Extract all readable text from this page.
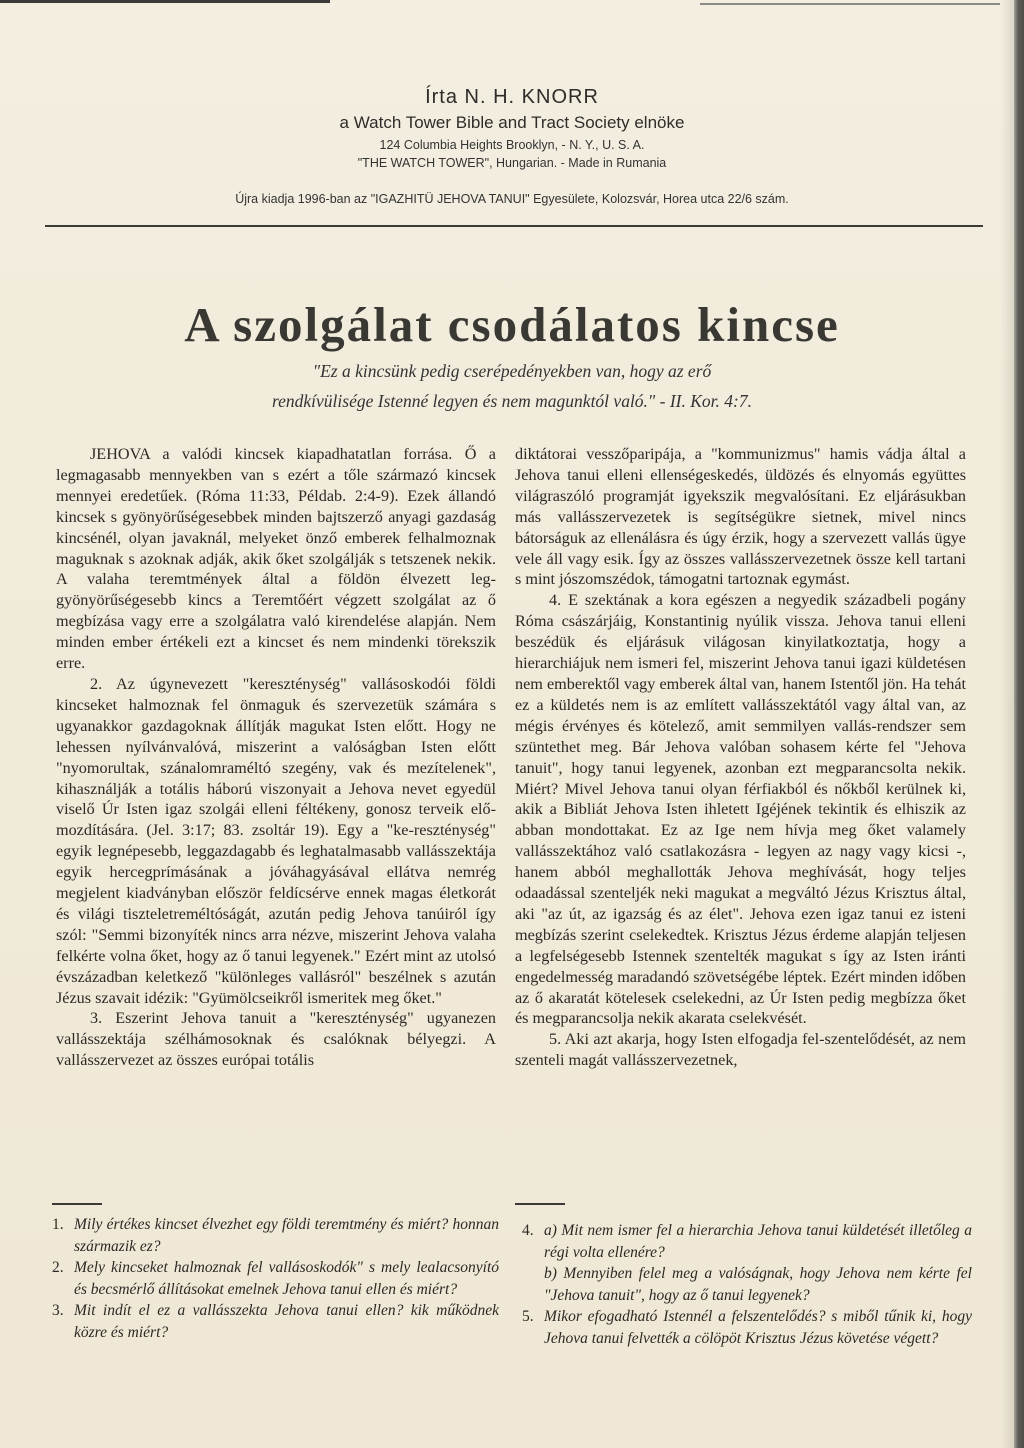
Írta N. H. KNORR
a Watch Tower Bible and Tract Society elnöke
124 Columbia Heights Brooklyn, - N. Y., U. S. A.
"THE WATCH TOWER", Hungarian. - Made in Rumania
Újra kiadja 1996-ban az "IGAZHITÜ JEHOVA TANUI" Egyesülete, Kolozsvár, Horea utca 22/6 szám.
A szolgálat csodálatos kincse
"Ez a kincsünk pedig cserépedényekben van, hogy az erő
rendkívülisége Istenné legyen és nem magunktól való." - II. Kor. 4:7.

JEHOVA a valódi kincsek kiapadhatatlan forrása. Ő a legmagasabb mennyekben van s ezért a tőle származó kincsek mennyei eredetűek. (Róma 11:33, Példab. 2:4-9). Ezek állandó kincsek s gyönyörűségesebbek minden bajtszerző anyagi gazdaság kincsénél, olyan javaknál, melyeket önző emberek felhalmoznak maguknak s azoknak adják, akik őket szolgálják s tetszenek nekik. A valaha teremtmények által a földön élvezett leg-gyönyörűségesebb kincs a Teremtőért végzett szolgálat az ő megbízása vagy erre a szolgálatra való kirendelése alapján. Nem minden ember értékeli ezt a kincset és nem mindenki törekszik erre.

2. Az úgynevezett "kereszténység" vallásoskodói földi kincseket halmoznak fel önmaguk és szervezetük számára s ugyanakkor gazdagoknak állítják magukat Isten előtt. Hogy ne lehessen nyílvánvalóvá, miszerint a valóságban Isten előtt "nyomorultak, szánalomraméltó szegény, vak és mezítelenek", kihasználják a totális háború viszonyait a Jehova nevet egyedül viselő Úr Isten igaz szolgái elleni féltékeny, gonosz terveik elő-mozdítására. (Jel. 3:17; 83. zsoltár 19). Egy a "ke-reszténység" egyik legnépesebb, leggazdagabb és leghatalmasabb vallásszektája egyik hercegprímásának a jóváhagyásával ellátva nemrég megjelent kiadványban először feldícsérve ennek magas életkorát és világi tiszteletreméltóságát, azután pedig Jehova tanúiról így szól: "Semmi bizonyíték nincs arra nézve, miszerint Jehova valaha felkérte volna őket, hogy az ő tanui legyenek." Ezért mint az utolsó évszázadban keletkező "különleges vallásról" beszélnek s azután Jézus szavait idézik: "Gyümölcseikről ismeritek meg őket."

3. Eszerint Jehova tanuit a "kereszténység" ugyanezen vallásszektája szélhámosoknak és csalóknak bélyegzi. A vallásszervezet az összes európai totális

diktátorai vesszőparipája, a "kommunizmus" hamis vádja által a Jehova tanui elleni ellenségeskedés, üldözés és elnyomás együttes világraszóló programját igyekszik megvalósítani. Ez eljárásukban más vallásszervezetek is segítségükre sietnek, mivel nincs bátorságuk az ellenálásra és úgy érzik, hogy a szervezett vallás ügye vele áll vagy esik. Így az összes vallásszervezetnek össze kell tartani s mint jószomszédok, támogatni tartoznak egymást.

4. E szektának a kora egészen a negyedik századbeli pogány Róma császárjáig, Konstantinig nyúlik vissza. Jehova tanui elleni beszédük és eljárásuk világosan kinyilatkoztatja, hogy a hierarchiájuk nem ismeri fel, miszerint Jehova tanui igazi küldetésen nem emberektől vagy emberek által van, hanem Istentől jön. Ha tehát ez a küldetés nem is az említett vallásszektától vagy által van, az mégis érvényes és kötelező, amit semmilyen vallás-rendszer sem szüntethet meg. Bár Jehova valóban sohasem kérte fel "Jehova tanuit", hogy tanui legyenek, azonban ezt megparancsolta nekik. Miért? Mivel Jehova tanui olyan férfiakból és nőkből kerülnek ki, akik a Bibliát Jehova Isten ihletett Igéjének tekintik és elhiszik az abban mondottakat. Ez az Ige nem hívja meg őket valamely vallásszektához való csatlakozásra - legyen az nagy vagy kicsi -, hanem abból meghallották Jehova meghívását, hogy teljes odaadással szenteljék neki magukat a megváltó Jézus Krisztus által, aki "az út, az igazság és az élet". Jehova ezen igaz tanui ez isteni megbízás szerint cselekedtek. Krisztus Jézus érdeme alapján teljesen a legfelségesebb Istennek szentelték magukat s így az Isten iránti engedelmesség maradandó szövetségébe léptek. Ezért minden időben az ő akaratát kötelesek cselekedni, az Úr Isten pedig megbízza őket és megparancsolja nekik akarata cselekvését.

5. Aki azt akarja, hogy Isten elfogadja fel-szentelődését, az nem szenteli magát vallásszervezetnek,

1. Mily értékes kincset élvezhet egy földi teremtmény és miért? honnan származik ez?
2. Mely kincseket halmoznak fel vallásoskodók" s mely lealacsonyító és becsmérlő állításokat emelnek Jehova tanui ellen és miért?
3. Mit indít el ez a vallásszekta Jehova tanui ellen? kik működnek közre és miért?
4. a) Mit nem ismer fel a hierarchia Jehova tanui küldetését illetőleg a régi volta ellenére?
b) Mennyiben felel meg a valóságnak, hogy Jehova nem kérte fel "Jehova tanuit", hogy az ő tanui legyenek?
5. Mikor efogadható Istennél a felszentelődés? s miből tűnik ki, hogy Jehova tanui felvették a cölöpöt Krisztus Jézus követése végett?
